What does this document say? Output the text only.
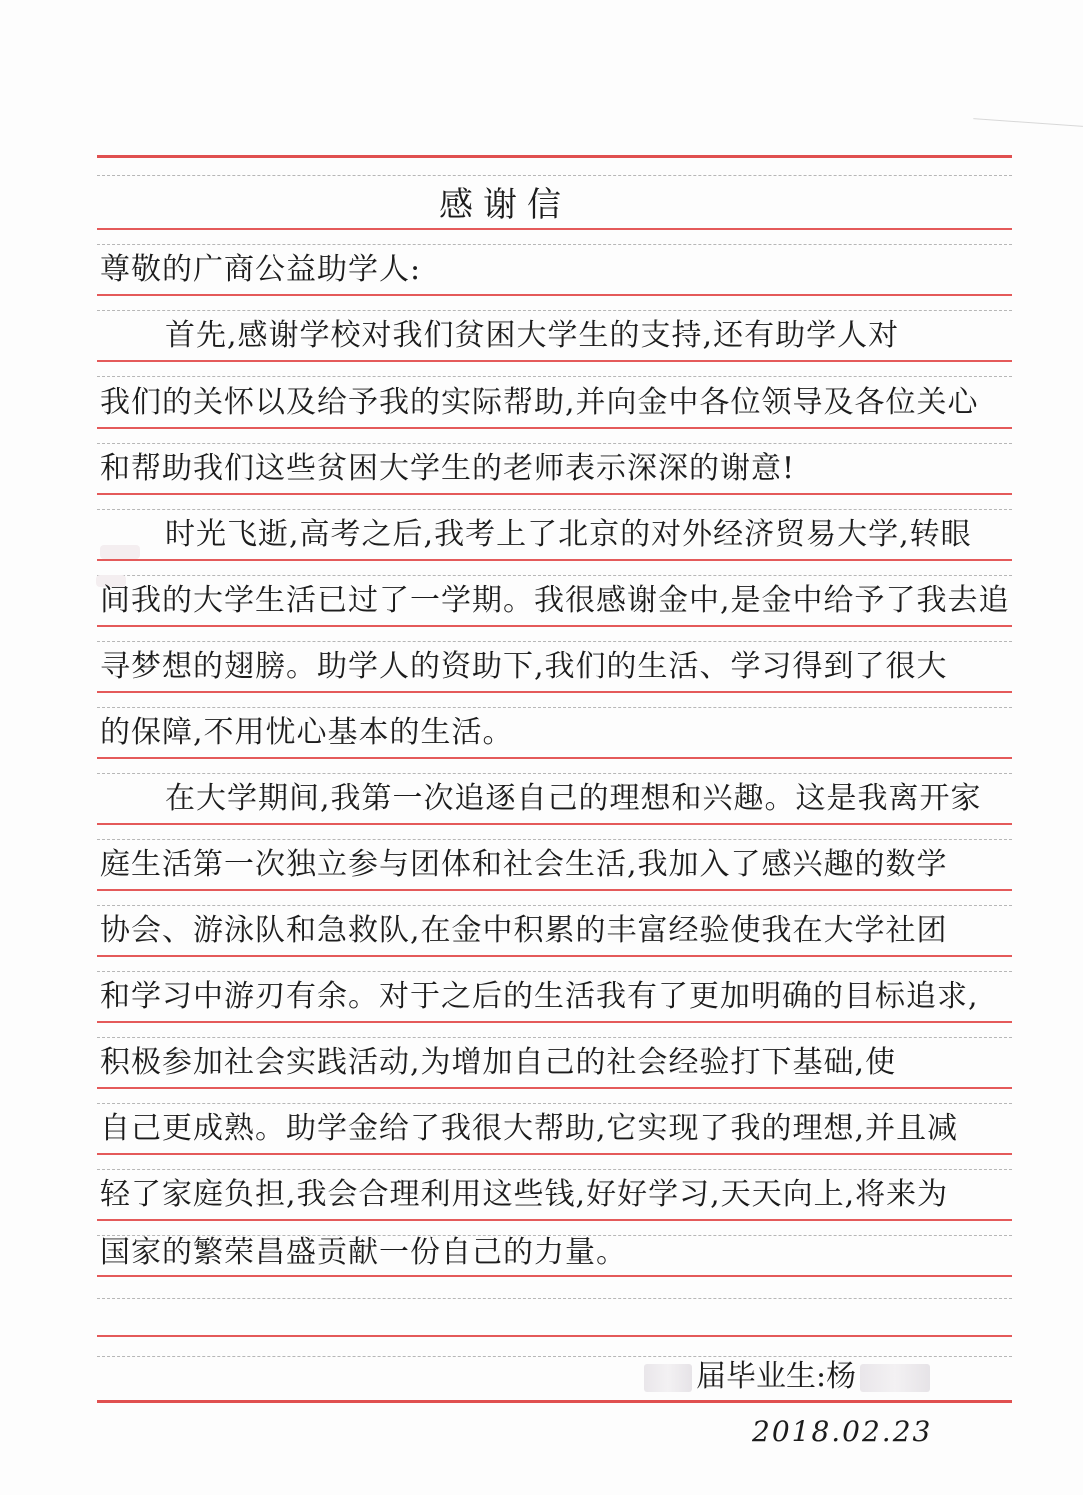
感谢信
尊敬的广商公益助学人:
首先,感谢学校对我们贫困大学生的支持,还有助学人对
我们的关怀以及给予我的实际帮助,并向金中各位领导及各位关心
和帮助我们这些贫困大学生的老师表示深深的谢意!
时光飞逝,高考之后,我考上了北京的对外经济贸易大学,转眼
间我的大学生活已过了一学期。我很感谢金中,是金中给予了我去追
寻梦想的翅膀。助学人的资助下,我们的生活、学习得到了很大
的保障,不用忧心基本的生活。
在大学期间,我第一次追逐自己的理想和兴趣。这是我离开家
庭生活第一次独立参与团体和社会生活,我加入了感兴趣的数学
协会、游泳队和急救队,在金中积累的丰富经验使我在大学社团
和学习中游刃有余。对于之后的生活我有了更加明确的目标追求,
积极参加社会实践活动,为增加自己的社会经验打下基础,使
自己更成熟。助学金给了我很大帮助,它实现了我的理想,并且减
轻了家庭负担,我会合理利用这些钱,好好学习,天天向上,将来为
国家的繁荣昌盛贡献一份自己的力量。
届毕业生:杨
2018.02.23
